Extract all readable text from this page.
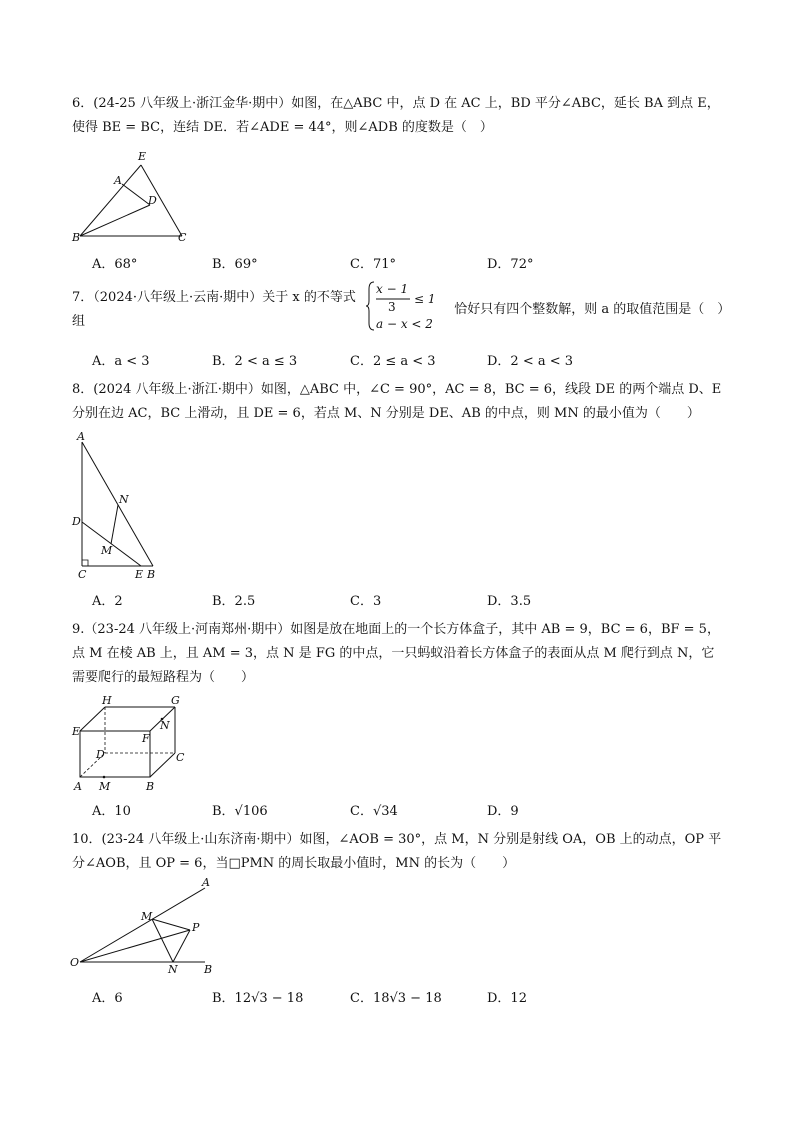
6．(24-25 八年级上·浙江金华·期中）如图，在△ABC 中，点 D 在 AC 上，BD 平分∠ABC，延长 BA 到点 E，

使得 BE = BC，连结 DE．若∠ADE = 44°，则∠ADB 的度数是（　）

E
A
D
B	C
A．68°	B．69°	C．71°	D．72°

7．（2024·八年级上·云南·期中）关于 x 的不等式组
x − 1
3
≤ 1
a − x < 2
恰好只有四个整数解，则 a 的取值范围是（　）

A．a < 3	B．2 < a ≤ 3	C．2 ≤ a < 3	D．2 < a < 3

8．(2024 八年级上·浙江·期中）如图，△ABC 中，∠C = 90°，AC = 8，BC = 6，线段 DE 的两个端点 D、E

分别在边 AC，BC 上滑动，且 DE = 6，若点 M、N 分别是 DE、AB 的中点，则 MN 的最小值为（　　）

A
N
D
M
C	E B
A．2	B．2.5	C．3	D．3.5

9.（23-24 八年级上·河南郑州·期中）如图是放在地面上的一个长方体盒子，其中 AB = 9，BC = 6，BF = 5，

点 M 在棱 AB 上，且 AM = 3，点 N 是 FG 的中点，一只蚂蚁沿着长方体盒子的表面从点 M 爬行到点 N，它

需要爬行的最短路程为（　　）

H	G
E	N
F
D	C
A M	B
A．10	B．√106	C．√34	D．9

10．(23-24 八年级上·山东济南·期中）如图，∠AOB = 30°，点 M，N 分别是射线 OA，OB 上的动点，OP 平

分∠AOB，且 OP = 6，当□PMN 的周长取最小值时，MN 的长为（　　）

A
M
P
O
N B
A．6	B．12√3 − 18	C．18√3 − 18	D．12
